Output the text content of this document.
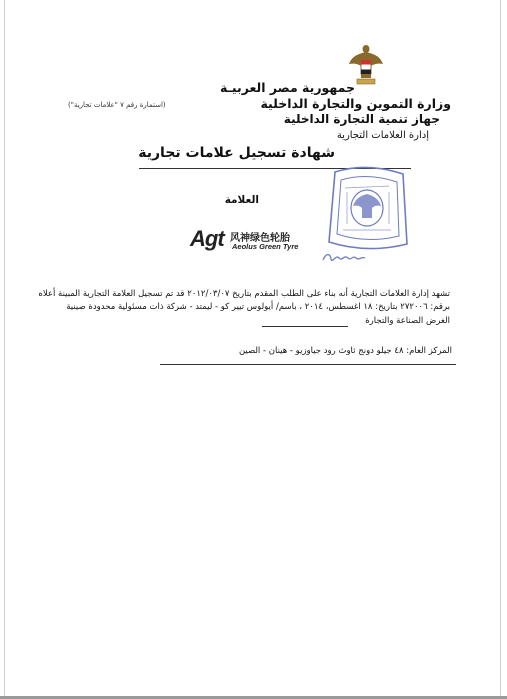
جمهورية مصر العربيـة
وزارة التموين والتجارة الداخلية
جهاز تنمية التجارة الداخلية
إدارة العلامات التجارية
(استمارة رقم ٧ "علامات تجارية")
شهادة تسجيل علامات تجارية
العلامة
Agt 风神绿色轮胎
Aeolus Green Tyre
تشهد إدارة العلامات التجارية أنه بناء على الطلب المقدم بتاريخ ٢٠١٢/٠٣/٠٧ قد تم تسجيل العلامة التجارية المبينة أعلاه
برقم: ٢٧٢٠٠٦ بتاريخ: ١٨ اغسطس، ٢٠١٤ ، باسم/ أيولوس تيير كو - ليمتد - شركة ذات مسئولية محدودة صينية
الغرض الصناعة والتجارة
المركز العام: ٤٨ جيلو دونج ثاوث رود جياوزيو - هينان - الصين
